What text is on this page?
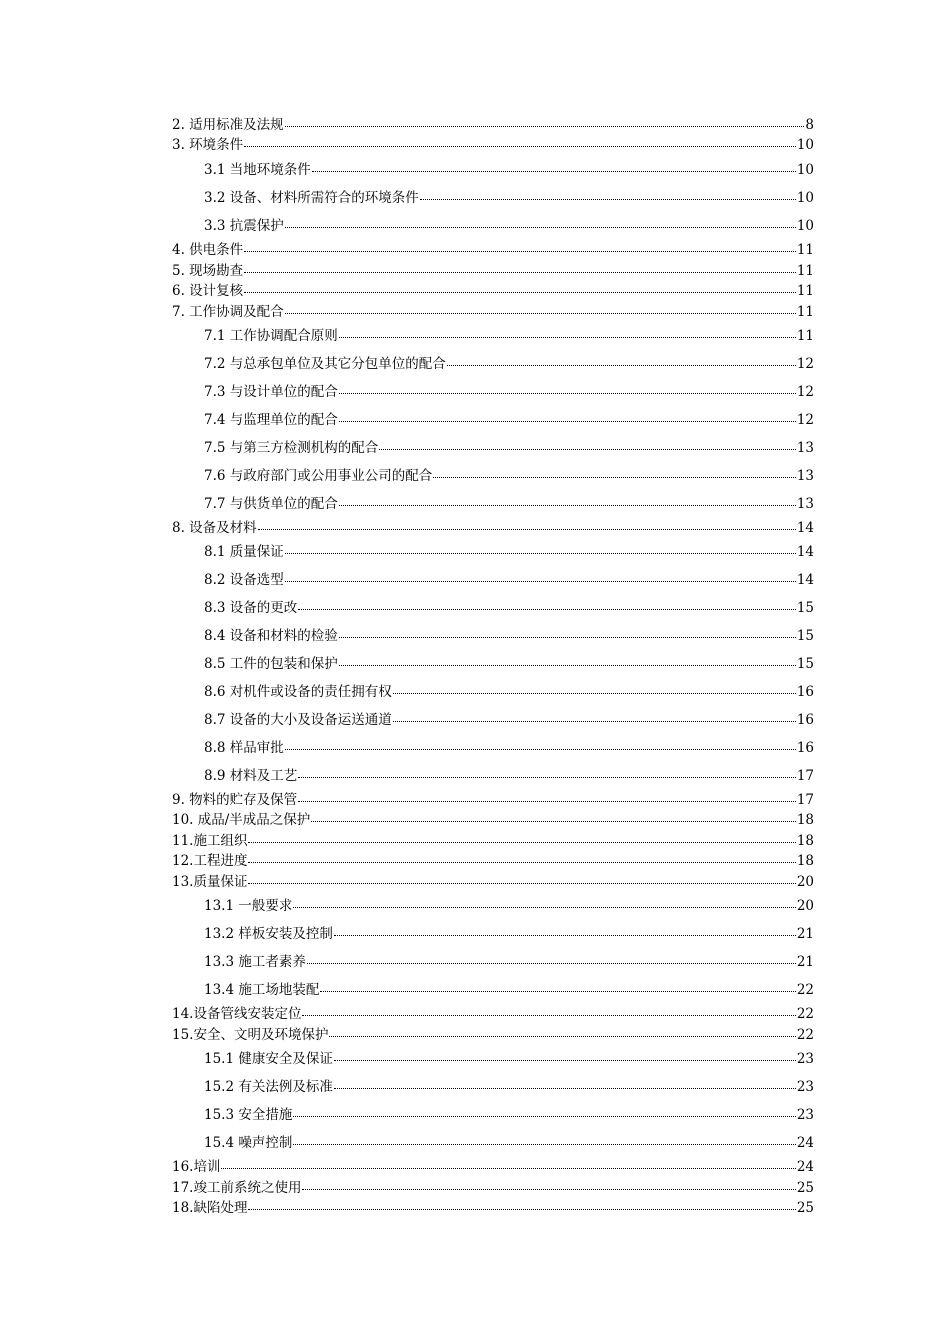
2. 适用标准及法规	8
3. 环境条件	10
3.1 当地环境条件	10
3.2 设备、材料所需符合的环境条件	10
3.3 抗震保护	10
4. 供电条件	11
5. 现场勘查	11
6. 设计复核	11
7. 工作协调及配合	11
7.1 工作协调配合原则	11
7.2 与总承包单位及其它分包单位的配合	12
7.3 与设计单位的配合	12
7.4 与监理单位的配合	12
7.5 与第三方检测机构的配合	13
7.6 与政府部门或公用事业公司的配合	13
7.7 与供货单位的配合	13
8. 设备及材料	14
8.1 质量保证	14
8.2 设备选型	14
8.3 设备的更改	15
8.4 设备和材料的检验	15
8.5 工件的包装和保护	15
8.6 对机件或设备的责任拥有权	16
8.7 设备的大小及设备运送通道	16
8.8 样品审批	16
8.9 材料及工艺	17
9. 物料的贮存及保管	17
10. 成品/半成品之保护	18
11.施工组织	18
12.工程进度	18
13.质量保证	20
13.1 一般要求	20
13.2 样板安装及控制	21
13.3 施工者素养	21
13.4 施工场地装配	22
14.设备管线安装定位	22
15.安全、文明及环境保护	22
15.1 健康安全及保证	23
15.2 有关法例及标准	23
15.3 安全措施	23
15.4 噪声控制	24
16.培训	24
17.竣工前系统之使用	25
18.缺陷处理	25
